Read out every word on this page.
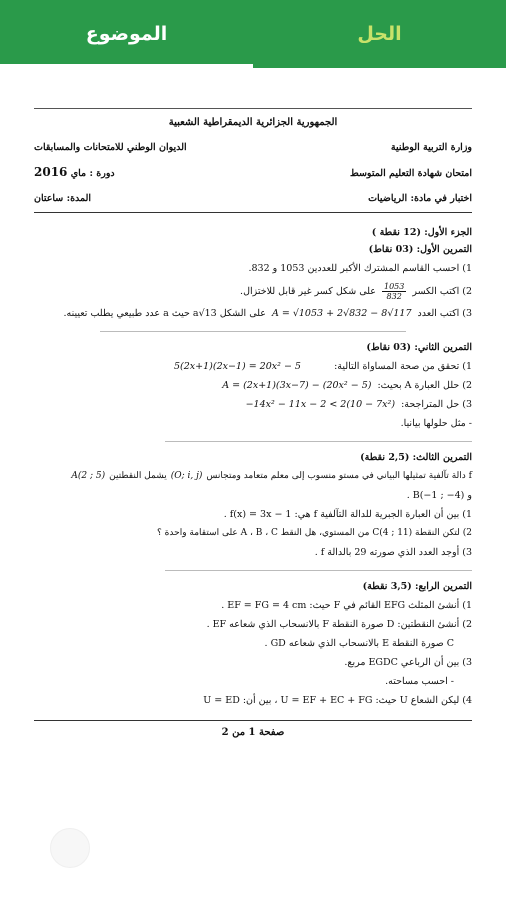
الحل
الموضوع
الجمهورية الجزائرية الديمقراطية الشعبية
وزارة التربية الوطنية
الديوان الوطني للامتحانات والمسابقات
امتحان شهادة التعليم المتوسط
دورة : ماي 2016
اختبار في مادة: الرياضيات
المدة: ساعتان
الجزء الأول: (12 نقطة )
التمرين الأول: (03 نقاط)
1) احسب القاسم المشترك الأكبر للعددين 1053 و 832.
2) اكتب الكسر
$\frac{1053}{832}$
على شكل كسر غير قابل للاختزال.
3) اكتب العدد
A = √1053 + 2√832 − 8√117
على الشكل a√13 حيث a عدد طبيعي يطلب تعيينه.
التمرين الثاني: (03 نقاط)
1) تحقق من صحة المساواة التالية:
5(2x+1)(2x−1) = 20x² − 5
2) حلل العبارة A بحيث:
A = (2x+1)(3x−7) − (20x² − 5)
3) حل المتراجحة:
−14x² − 11x − 2 < 2(10 − 7x²)
- مثل حلولها بيانيا.
التمرين الثالث: (2,5 نقطة)
f دالة تآلفية تمثيلها البياني في مستو منسوب إلى معلم متعامد ومتجانس
(O; i, j)
يشمل النقطتين
A(2 ; 5)
و B(−1 ; −4) .
1) بين أن العبارة الجبرية للدالة التآلفية f هي: f(x) = 3x − 1 .
2) لتكن النقطة C(4 ; 11) من المستوي، هل النقط A ، B ، C على استقامة واحدة ؟
3) أوجد العدد الذي صورته 29 بالدالة f .
التمرين الرابع: (3,5 نقطة)
1) أنشئ المثلث EFG القائم في F حيث: EF = FG = 4 cm .
2) أنشئ النقطتين: D صورة النقطة F بالانسحاب الذي شعاعه EF .
C صورة النقطة E بالانسحاب الذي شعاعه GD .
3) بين أن الرباعي EGDC مربع.
- احسب مساحته.
4) ليكن الشعاع U حيث: U = EF + EC + FG ، بين أن: U = ED
صفحة 1 من 2
